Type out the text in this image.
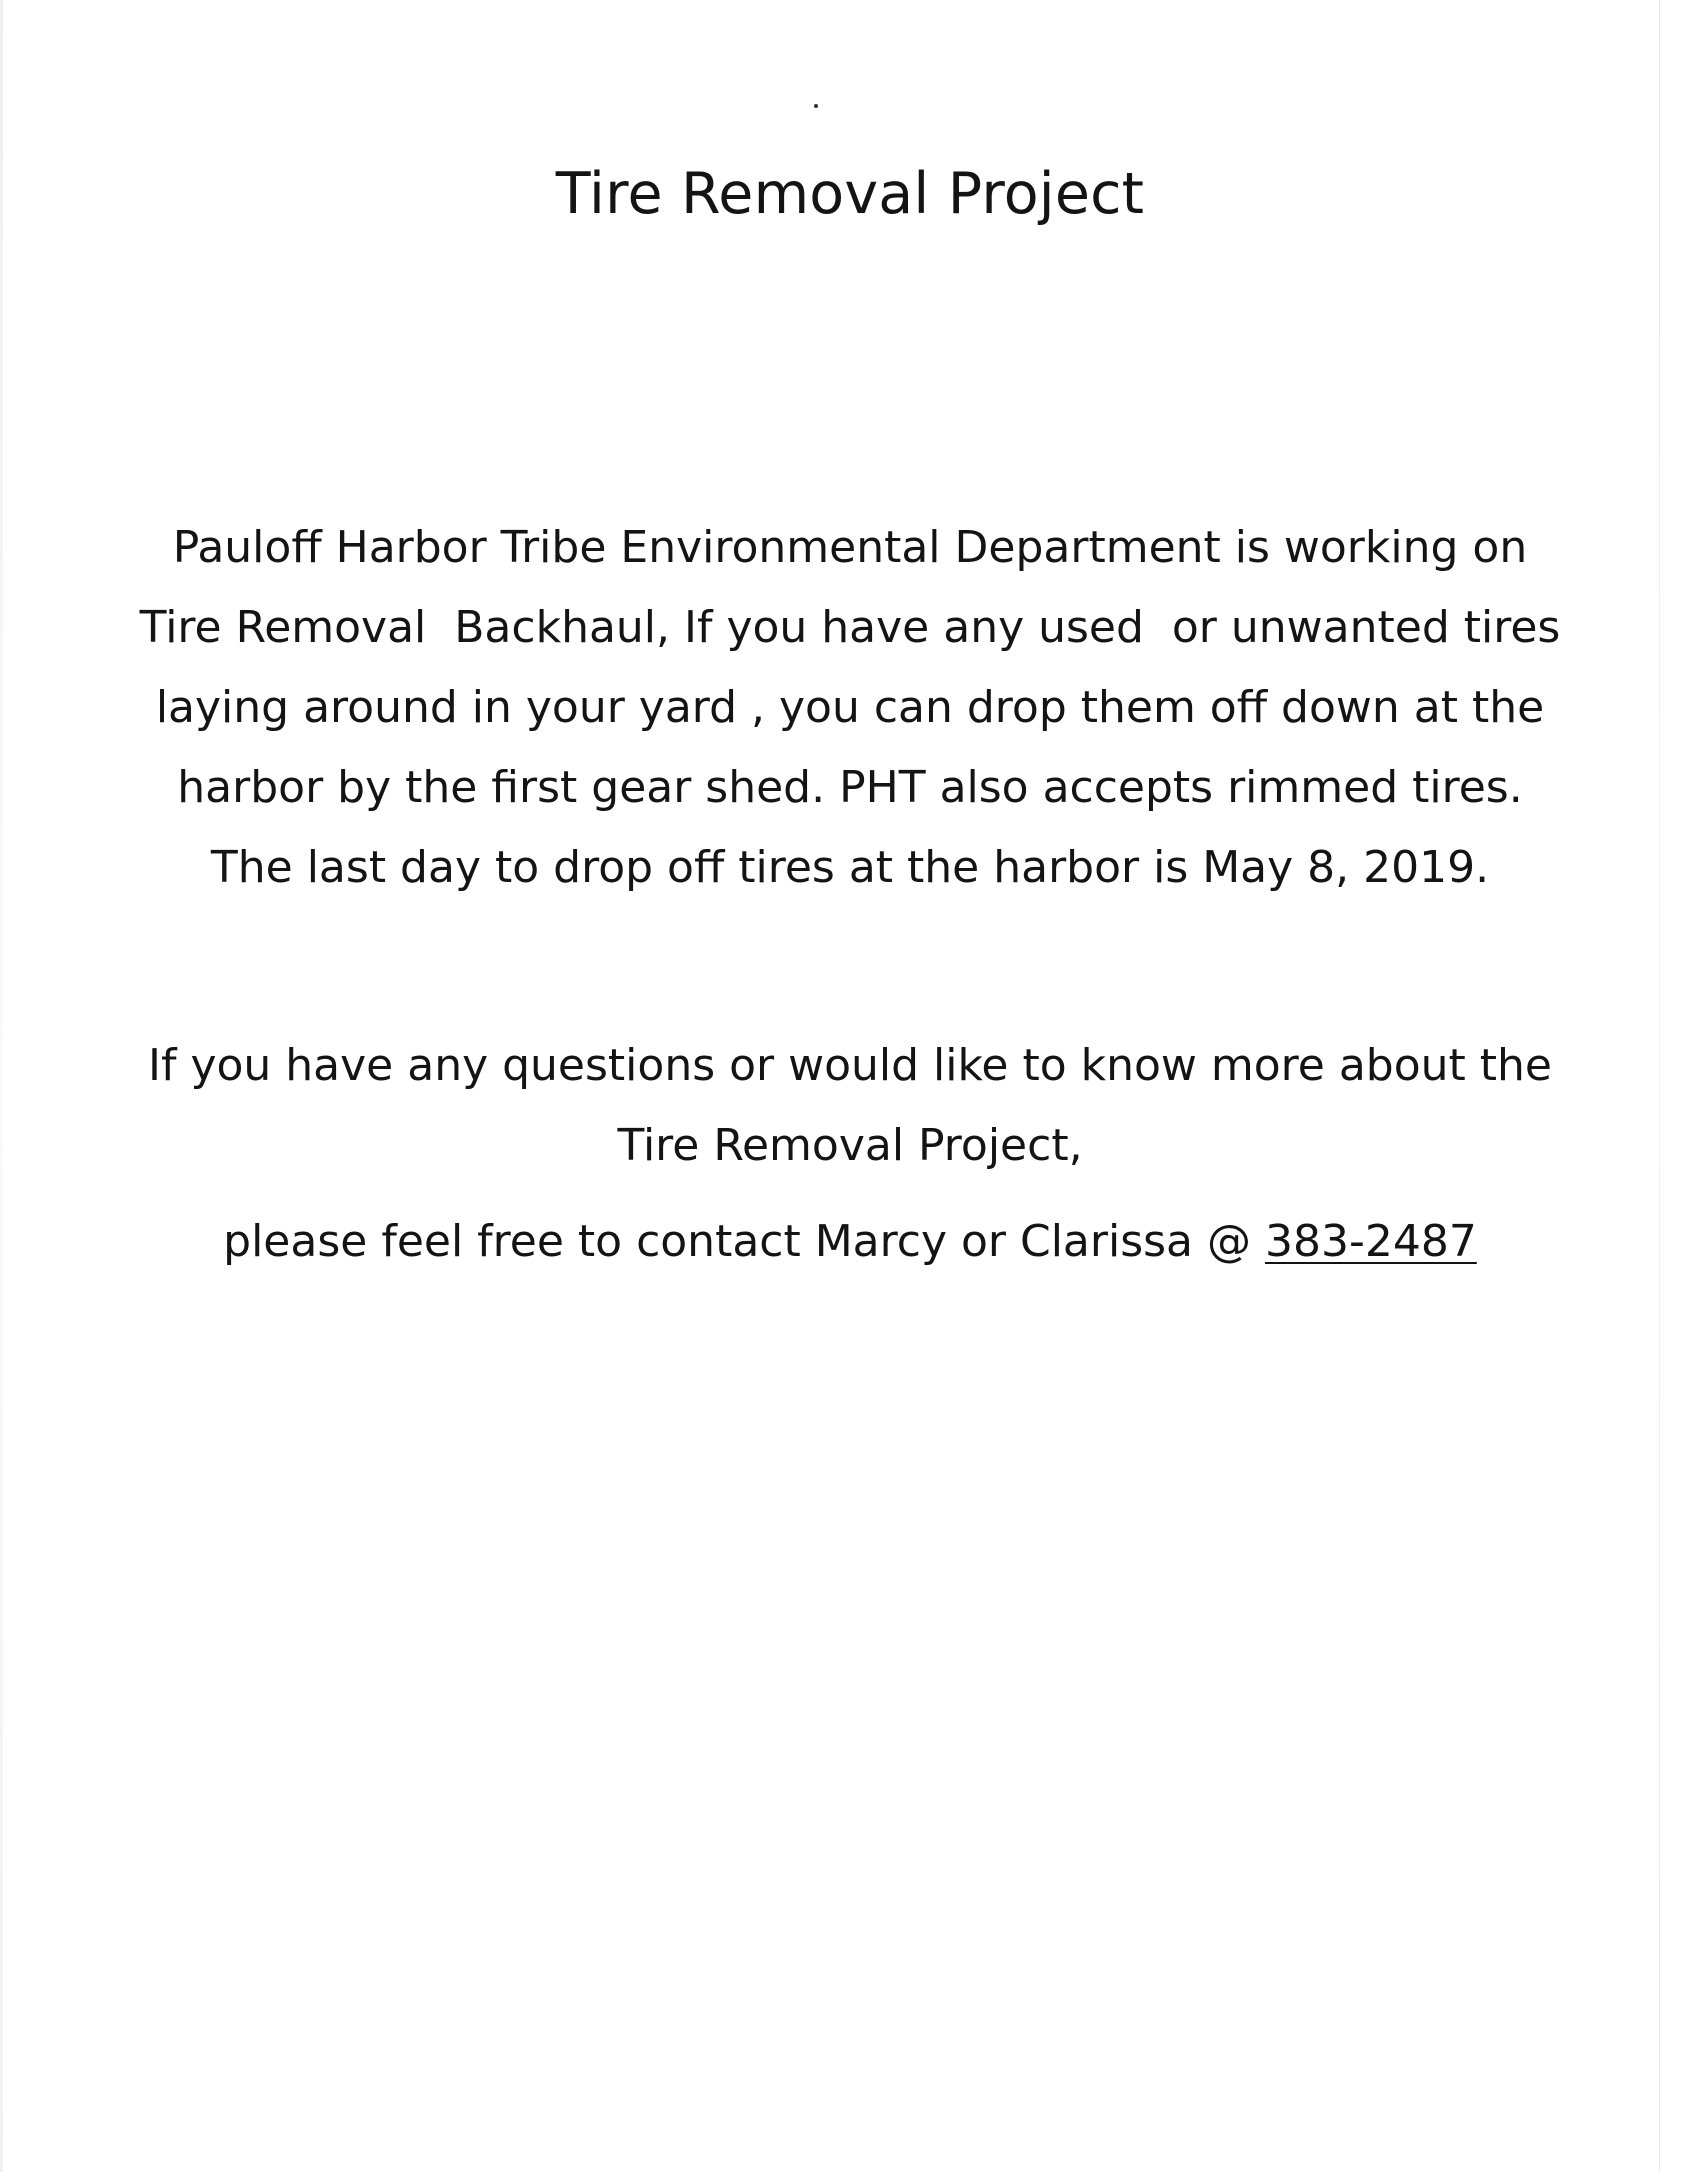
Tire Removal Project

Pauloff Harbor Tribe Environmental Department is working on

Tire Removal  Backhaul, If you have any used  or unwanted tires

laying around in your yard , you can drop them off down at the

harbor by the first gear shed. PHT also accepts rimmed tires.

The last day to drop off tires at the harbor is May 8, 2019.

If you have any questions or would like to know more about the

Tire Removal Project,

please feel free to contact Marcy or Clarissa @ 383-2487
